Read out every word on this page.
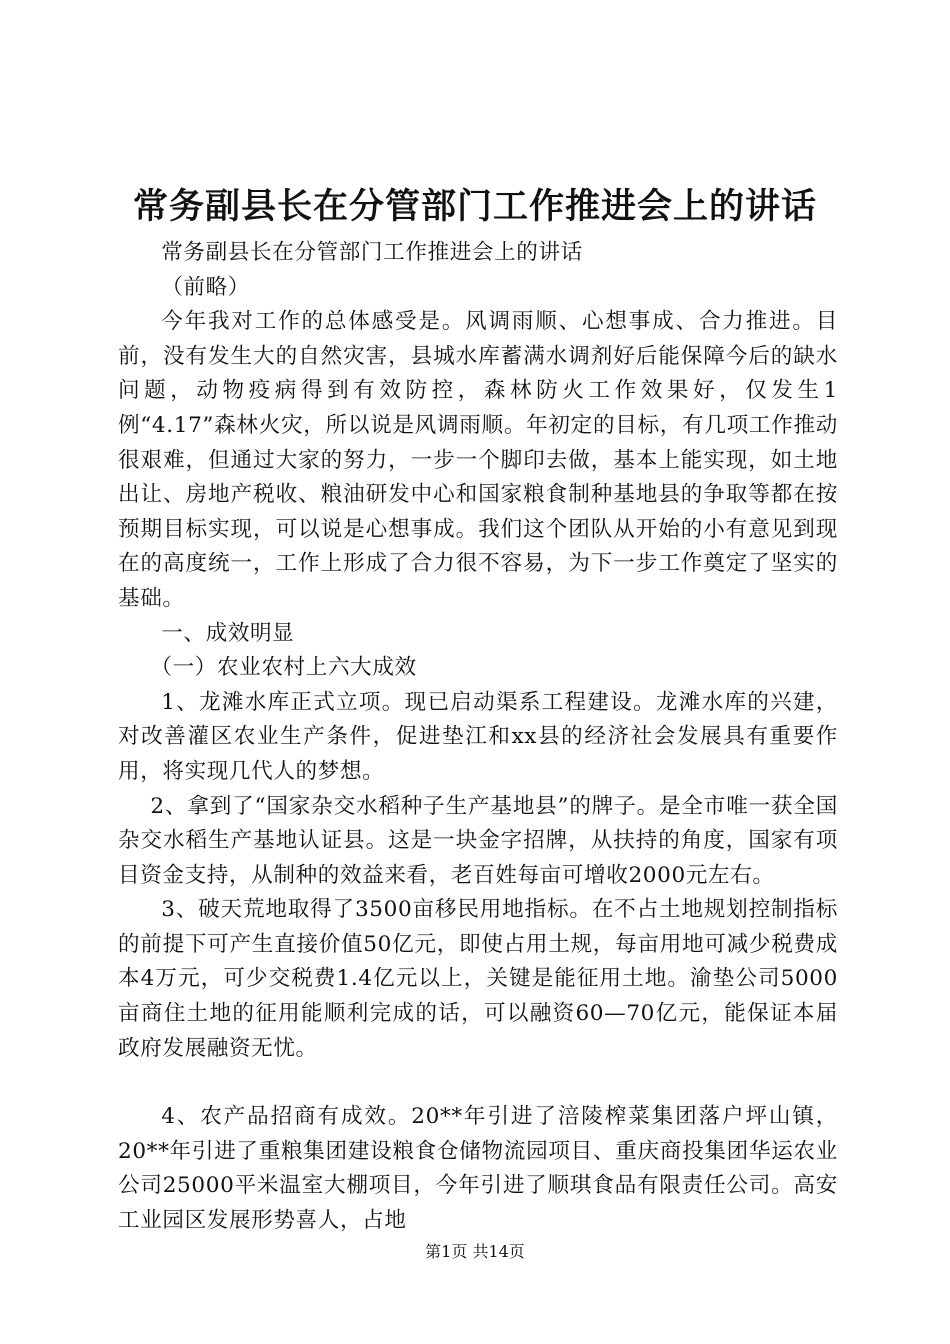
常务副县长在分管部门工作推进会上的讲话

常务副县长在分管部门工作推进会上的讲话

（前略）

今年我对工作的总体感受是。风调雨顺、心想事成、合力推进。目前，没有发生大的自然灾害，县城水库蓄满水调剂好后能保障今后的缺水问题，动物疫病得到有效防控，森林防火工作效果好，仅发生1例“4.17”森林火灾，所以说是风调雨顺。年初定的目标，有几项工作推动很艰难，但通过大家的努力，一步一个脚印去做，基本上能实现，如土地出让、房地产税收、粮油研发中心和国家粮食制种基地县的争取等都在按预期目标实现，可以说是心想事成。我们这个团队从开始的小有意见到现在的高度统一，工作上形成了合力很不容易，为下一步工作奠定了坚实的基础。

一、成效明显

（一）农业农村上六大成效

1、龙滩水库正式立项。现已启动渠系工程建设。龙滩水库的兴建，对改善灌区农业生产条件，促进垫江和xx县的经济社会发展具有重要作用，将实现几代人的梦想。

2、拿到了“国家杂交水稻种子生产基地县”的牌子。是全市唯一获全国杂交水稻生产基地认证县。这是一块金字招牌，从扶持的角度，国家有项目资金支持，从制种的效益来看，老百姓每亩可增收2000元左右。

3、破天荒地取得了3500亩移民用地指标。在不占土地规划控制指标的前提下可产生直接价值50亿元，即使占用土规，每亩用地可减少税费成本4万元，可少交税费1.4亿元以上，关键是能征用土地。渝垫公司5000亩商住土地的征用能顺利完成的话，可以融资60—70亿元，能保证本届政府发展融资无忧。

4、农产品招商有成效。20**年引进了涪陵榨菜集团落户坪山镇，20**年引进了重粮集团建设粮食仓储物流园项目、重庆商投集团华运农业公司25000平米温室大棚项目，今年引进了顺琪食品有限责任公司。高安工业园区发展形势喜人，占地

第1页 共14页
